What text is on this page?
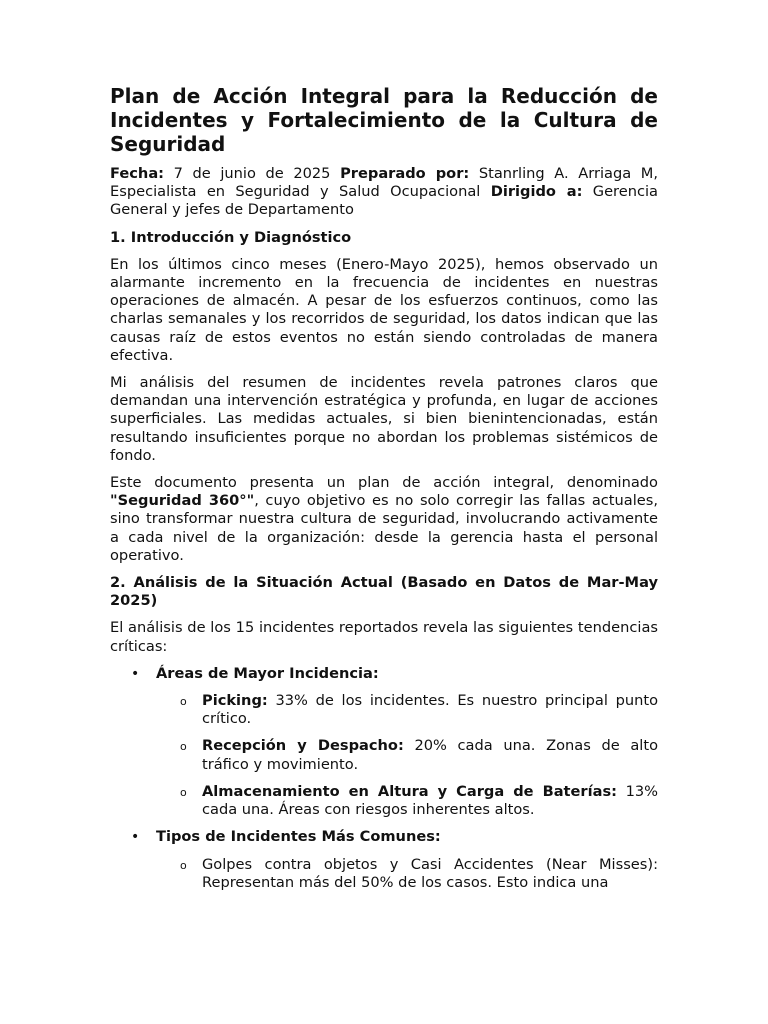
Plan de Acción Integral para la Reducción de Incidentes y Fortalecimiento de la Cultura de Seguridad

Fecha: 7 de junio de 2025 Preparado por: Stanrling A. Arriaga M, Especialista en Seguridad y Salud Ocupacional Dirigido a: Gerencia General y jefes de Departamento

1. Introducción y Diagnóstico

En los últimos cinco meses (Enero-Mayo 2025), hemos observado un alarmante incremento en la frecuencia de incidentes en nuestras operaciones de almacén. A pesar de los esfuerzos continuos, como las charlas semanales y los recorridos de seguridad, los datos indican que las causas raíz de estos eventos no están siendo controladas de manera efectiva.

Mi análisis del resumen de incidentes revela patrones claros que demandan una intervención estratégica y profunda, en lugar de acciones superficiales. Las medidas actuales, si bien bienintencionadas, están resultando insuficientes porque no abordan los problemas sistémicos de fondo.

Este documento presenta un plan de acción integral, denominado "Seguridad 360°", cuyo objetivo es no solo corregir las fallas actuales, sino transformar nuestra cultura de seguridad, involucrando activamente a cada nivel de la organización: desde la gerencia hasta el personal operativo.

2. Análisis de la Situación Actual (Basado en Datos de Mar-May 2025)

El análisis de los 15 incidentes reportados revela las siguientes tendencias críticas:

• Áreas de Mayor Incidencia:
o Picking: 33% de los incidentes. Es nuestro principal punto crítico.
o Recepción y Despacho: 20% cada una. Zonas de alto tráfico y movimiento.
o Almacenamiento en Altura y Carga de Baterías: 13% cada una. Áreas con riesgos inherentes altos.
• Tipos de Incidentes Más Comunes:
o Golpes contra objetos y Casi Accidentes (Near Misses): Representan más del 50% de los casos. Esto indica una
